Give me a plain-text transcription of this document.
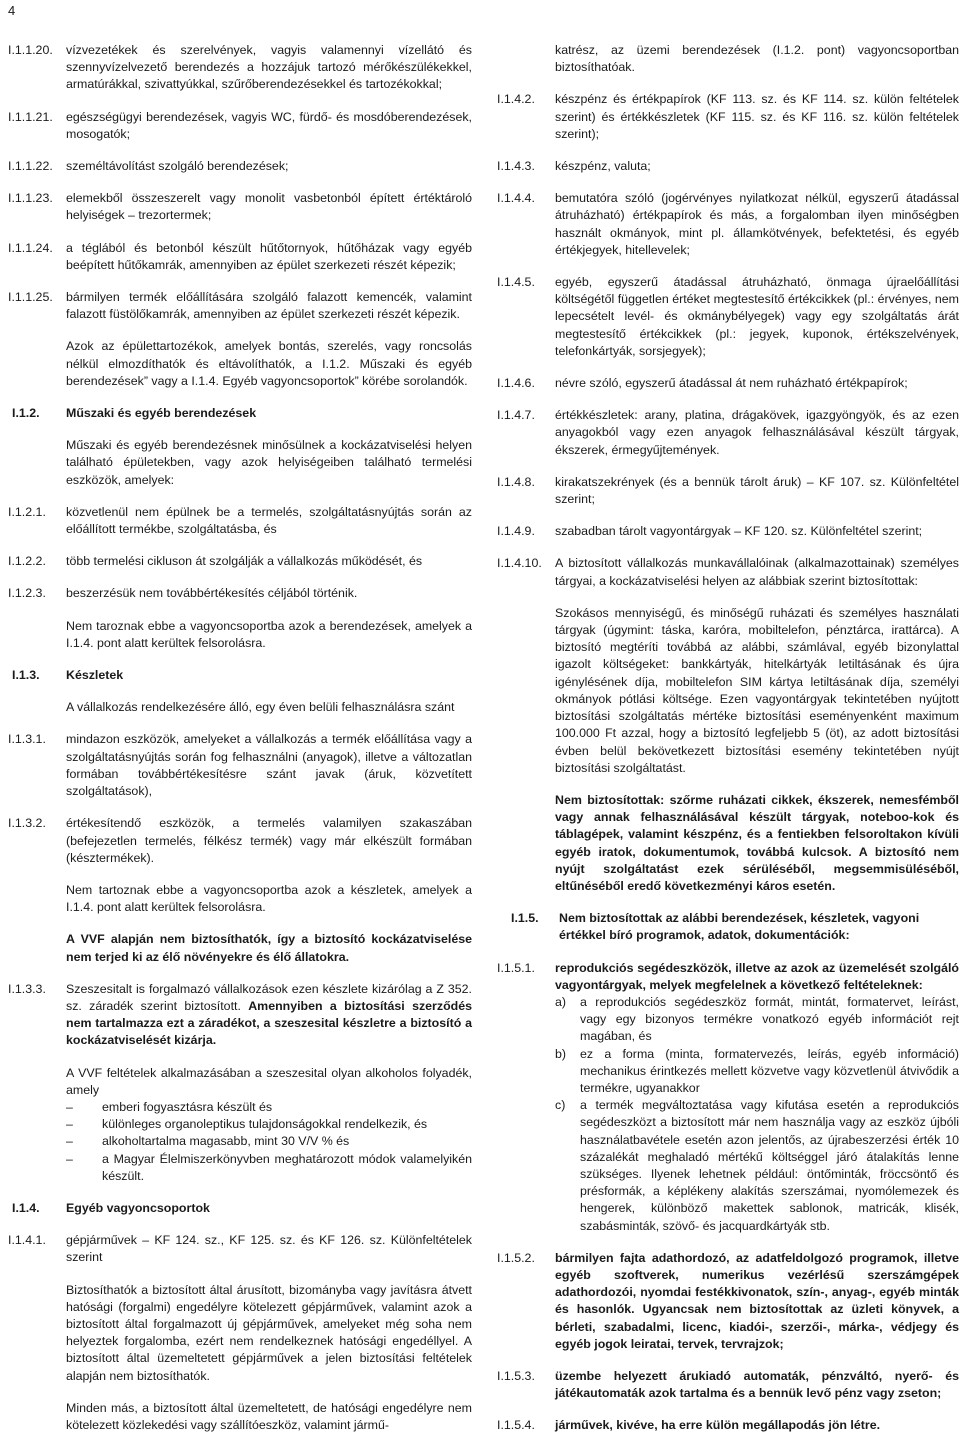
4
I.1.1.20.	vízvezetékek és szerelvények, vagyis valamennyi vízellátó és szennyvízelvezető berendezés a hozzájuk tartozó mérőkészülékekkel, armatúrákkal, szivattyúkkal, szűrőberendezésekkel és tartozékokkal;
I.1.1.21.	egészségügyi berendezések, vagyis WC, fürdő- és mosdóberendezések, mosogatók;
I.1.1.22.	személtávolítást szolgáló berendezések;
I.1.1.23.	elemekből összeszerelt vagy monolit vasbetonból épített értéktároló helyiségek – trezortermek;
I.1.1.24.	a téglából és betonból készült hűtőtornyok, hűtőházak vagy egyéb beépített hűtőkamrák, amennyiben az épület szerkezeti részét képezik;
I.1.1.25.	bármilyen termék előállítására szolgáló falazott kemencék, valamint falazott füstölőkamrák, amennyiben az épület szerkezeti részét képezik.
Azok az épülettartozékok, amelyek bontás, szerelés, vagy roncsolás nélkül elmozdíthatók és eltávolíthatók, a I.1.2. Műszaki és egyéb berendezések” vagy a I.1.4. Egyéb vagyoncsoportok” körébe sorolandók.
I.1.2.	Műszaki és egyéb berendezések
Műszaki és egyéb berendezésnek minősülnek a kockázatviselési helyen található épületekben, vagy azok helyiségeiben található termelési eszközök, amelyek:
I.1.2.1.	közvetlenül nem épülnek be a termelés, szolgáltatásnyújtás során az előállított termékbe, szolgáltatásba, és
I.1.2.2.	több termelési cikluson át szolgálják a vállalkozás működését, és
I.1.2.3.	beszerzésük nem továbbértékesítés céljából történik.
Nem taroznak ebbe a vagyoncsoportba azok a berendezések, amelyek a I.1.4. pont alatt kerültek felsorolásra.
I.1.3.	Készletek
A vállalkozás rendelkezésére álló, egy éven belüli felhasználásra szánt
I.1.3.1.	mindazon eszközök, amelyeket a vállalkozás a termék előállítása vagy a szolgáltatásnyújtás során fog felhasználni (anyagok), illetve a változatlan formában továbbértékesítésre szánt javak (áruk, közvetített szolgáltatások),
I.1.3.2.	értékesítendő eszközök, a termelés valamilyen szakaszában (befejezetlen termelés, félkész termék) vagy már elkészült formában (késztermékek).
Nem tartoznak ebbe a vagyoncsoportba azok a készletek, amelyek a I.1.4. pont alatt kerültek felsorolásra.
A VVF alapján nem biztosíthatók, így a biztosító kockázatviselése nem terjed ki az élő növényekre és élő állatokra.
I.1.3.3.	Szeszesitalt is forgalmazó vállalkozások ezen készlete kizárólag a Z 352. sz. záradék szerint biztosított. Amennyiben a biztosítási szerződés nem tartalmazza ezt a záradékot, a szeszesital készletre a biztosító a kockázatviselését kizárja.
A VVF feltételek alkalmazásában a szeszesital olyan alkoholos folyadék, amely
–	emberi fogyasztásra készült és
–	különleges organoleptikus tulajdonságokkal rendelkezik, és
–	alkoholtartalma magasabb, mint 30 V/V % és
–	a Magyar Élelmiszerkönyvben meghatározott módok valamelyikén készült.
I.1.4.	Egyéb vagyoncsoportok
I.1.4.1.	gépjárművek – KF 124. sz., KF 125. sz. és KF 126. sz. Különfeltételek szerint
Biztosíthatók a biztosított által árusított, bizományba vagy javításra átvett hatósági (forgalmi) engedélyre kötelezett gépjárművek, valamint azok a biztosított által forgalmazott új gépjárművek, amelyeket még soha nem helyeztek forgalomba, ezért nem rendelkeznek hatósági engedéllyel. A biztosított által üzemeltetett gépjárművek a jelen biztosítási feltételek alapján nem biztosíthatók.
Minden más, a biztosított által üzemeltetett, de hatósági engedélyre nem kötelezett közlekedési vagy szállítóeszköz, valamint jármű-
katrész, az üzemi berendezések (I.1.2. pont) vagyoncsoportban biztosíthatóak.
I.1.4.2.	készpénz és értékpapírok (KF 113. sz. és KF 114. sz. külön feltételek szerint) és értékkészletek (KF 115. sz. és KF 116. sz. külön feltételek szerint);
I.1.4.3.	készpénz, valuta;
I.1.4.4.	bemutatóra szóló (jogérvényes nyilatkozat nélkül, egyszerű átadással átruházható) értékpapírok és más, a forgalomban ilyen minőségben használt okmányok, mint pl. államkötvények, befektetési, és egyéb értékjegyek, hitellevelek;
I.1.4.5.	egyéb, egyszerű átadással átruházható, önmaga újraelőállítási költségétől független értéket megtestesítő értékcikkek (pl.: érvényes, nem lepecsételt levél- és okmánybélyegek) vagy egy szolgáltatás árát megtestesítő értékcikkek (pl.: jegyek, kuponok, értékszelvények, telefonkártyák, sorsjegyek);
I.1.4.6.	névre szóló, egyszerű átadással át nem ruházható értékpapírok;
I.1.4.7.	értékkészletek: arany, platina, drágakövek, igazgyöngyök, és az ezen anyagokból vagy ezen anyagok felhasználásával készült tárgyak, ékszerek, érmegyűjtemények.
I.1.4.8.	kirakatszekrények (és a bennük tárolt áruk) – KF 107. sz. Különfeltétel szerint;
I.1.4.9.	szabadban tárolt vagyontárgyak – KF 120. sz. Különfeltétel szerint;
I.1.4.10.	A biztosított vállalkozás munkavállalóinak (alkalmazottainak) személyes tárgyai, a kockázatviselési helyen az alábbiak szerint biztosítottak:
Szokásos mennyiségű, és minőségű ruházati és személyes használati tárgyak (úgymint: táska, karóra, mobiltelefon, pénztárca, irattárca). A biztosító megtéríti továbbá az alábbi, számlával, egyéb bizonylattal igazolt költségeket: bankkártyák, hitelkártyák letiltásának és újra igénylésének díja, mobiltelefon SIM kártya letiltásának díja, személyi okmányok pótlási költsége. Ezen vagyontárgyak tekintetében nyújtott biztosítási szolgáltatás mértéke biztosítási eseményenként maximum 100.000 Ft azzal, hogy a biztosító legfeljebb 5 (öt), az adott biztosítási évben belül bekövetkezett biztosítási esemény tekintetében nyújt biztosítási szolgáltatást.
Nem biztosítottak: szőrme ruházati cikkek, ékszerek, nemesfémből vagy annak felhasználásával készült tárgyak, noteboo-kok és táblagépek, valamint készpénz, és a fentiekben felsoroltakon kívüli egyéb iratok, dokumentumok, továbbá kulcsok. A biztosító nem nyújt szolgáltatást ezek sérüléséből, megsemmisüléséből, eltűnéséből eredő következményi káros esetén.
I.1.5.	Nem biztosítottak az alábbi berendezések, készletek, vagyoni értékkel bíró programok, adatok, dokumentációk:
I.1.5.1.	reprodukciós segédeszközök, illetve az azok az üzemelését szolgáló vagyontárgyak, melyek megfelelnek a következő feltételeknek:
a)	a reprodukciós segédeszköz formát, mintát, formatervet, leírást, vagy egy bizonyos termékre vonatkozó egyéb információt rejt magában, és
b)	ez a forma (minta, formatervezés, leírás, egyéb információ) mechanikus érintkezés mellett közvetve vagy közvetlenül átvivődik a termékre, ugyanakkor
c)	a termék megváltoztatása vagy kifutása esetén a reprodukciós segédeszközt a biztosított már nem használja vagy az eszköz újbóli használatbavétele esetén azon jelentős, az újrabeszerzési érték 10 százalékát meghaladó mértékű költséggel járó átalakítás lenne szükséges. Ilyenek lehetnek például: öntőminták, fröccsöntő és présformák, a képlékeny alakítás szerszámai, nyomólemezek és hengerek, különböző makettek sablonok, matricák, klisék, szabásminták, szövő- és jacquardkártyák stb.
I.1.5.2.	bármilyen fajta adathordozó, az adatfeldolgozó programok, illetve egyéb szoftverek, numerikus vezérlésű szerszámgépek adathordozói, nyomdai festékkivonatok, szín-, anyag-, egyéb minták és hasonlók. Ugyancsak nem biztosítottak az üzleti könyvek, a bérleti, szabadalmi, licenc, kiadói-, szerzői-, márka-, védjegy és egyéb jogok leiratai, tervek, tervrajzok;
I.1.5.3.	üzembe helyezett árukiadó automaták, pénzváltó, nyerő- és játékautomaták azok tartalma és a bennük levő pénz vagy zseton;
I.1.5.4.	járművek, kivéve, ha erre külön megállapodás jön létre.
